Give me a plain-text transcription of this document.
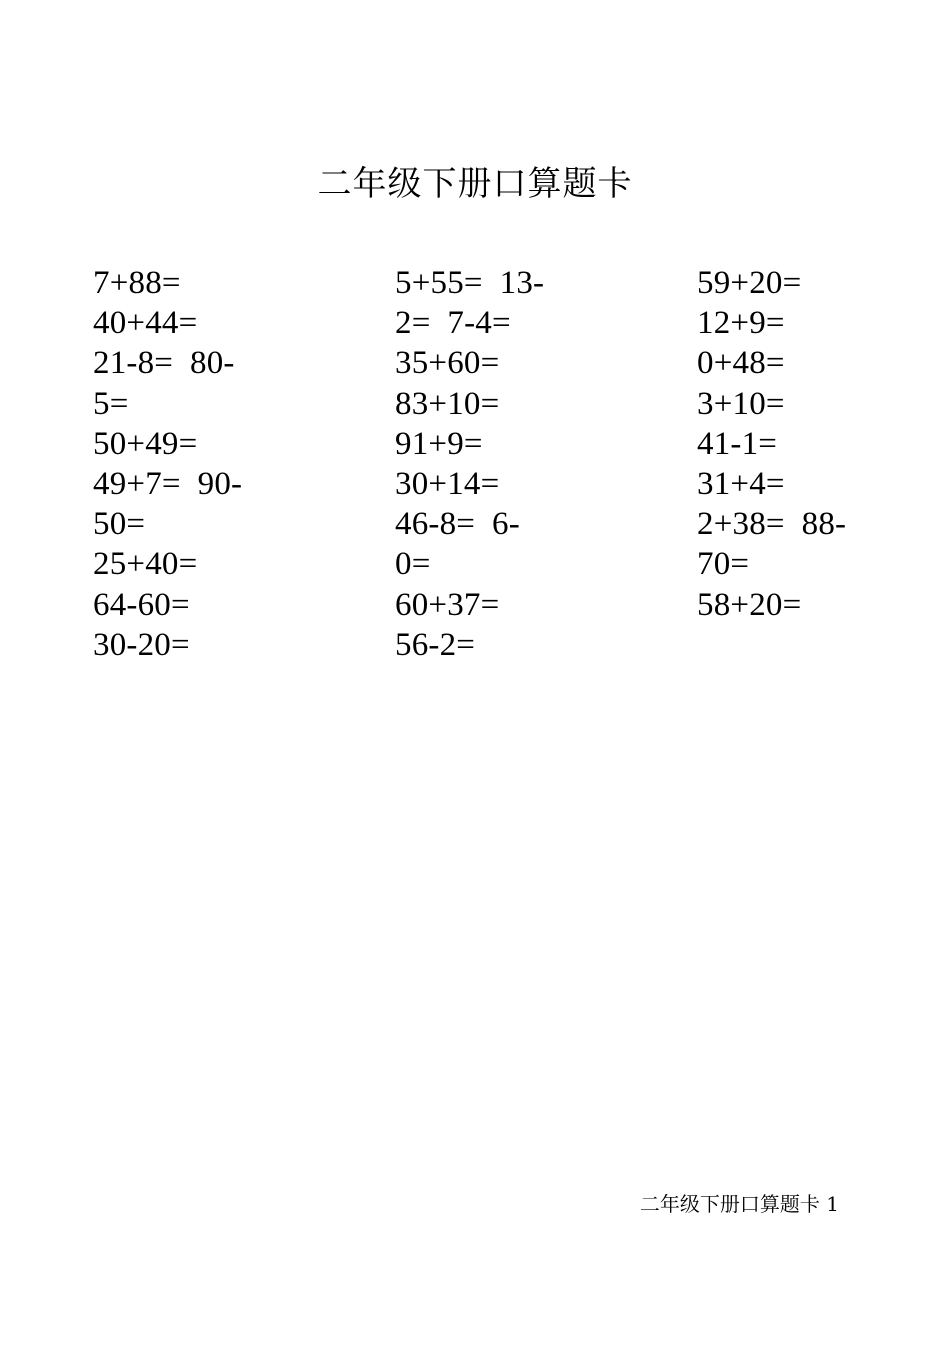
二年级下册口算题卡
7+88=
40+44=
21-8=  80-
5=
50+49=
49+7=  90-
50=
25+40=
64-60=
30-20=
5+55=  13-
2=  7-4=
35+60=
83+10=
91+9=
30+14=
46-8=  6-
0=
60+37=
56-2=
59+20=
12+9=
0+48=
3+10=
41-1=
31+4=
2+38=  88-
70=
58+20=
二年级下册口算题卡 1
